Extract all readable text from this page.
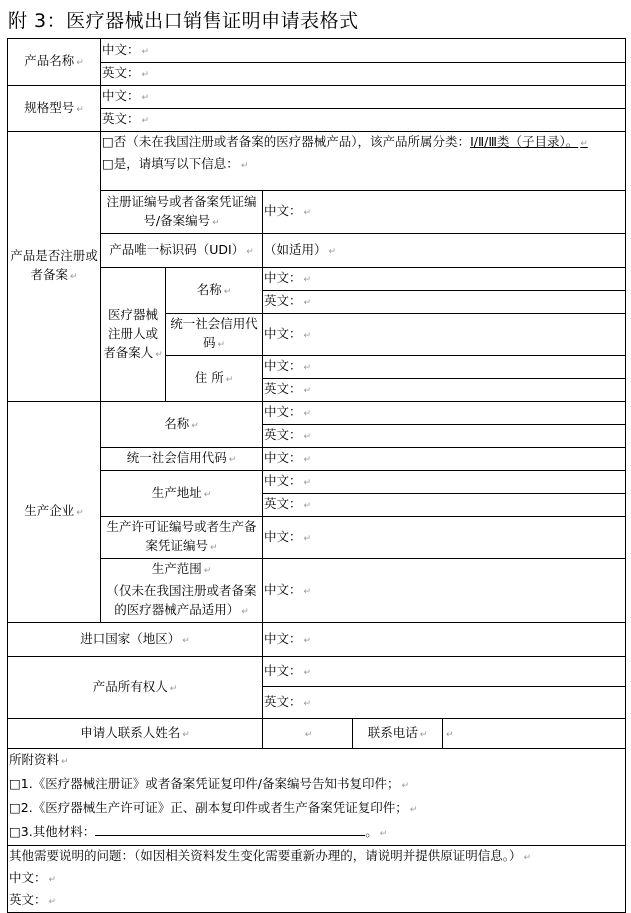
附 3：医疗器械出口销售证明申请表格式
产品名称 ↵	中文： ↵
	英文： ↵
规格型号 ↵	中文： ↵
	英文： ↵
产品是否注册或者备案 ↵	□否（未在我国注册或者备案的医疗器械产品），该产品所属分类：Ⅰ/Ⅱ/Ⅲ类（子目录）。 ↵
□是，请填写以下信息： ↵
	注册证编号或者备案凭证编号/备案编号 ↵		中文： ↵
	产品唯一标识码（UDI） ↵		（如适用） ↵
	医疗器械注册人或者备案人 ↵	名称 ↵	中文： ↵
			英文： ↵
		统一社会信用代码 ↵	中文： ↵
		住 所 ↵	中文： ↵
			英文： ↵
生产企业 ↵	名称 ↵		中文： ↵
			英文： ↵
	统一社会信用代码 ↵		中文： ↵
	生产地址 ↵		中文： ↵
			英文： ↵
	生产许可证编号或者生产备案凭证编号 ↵		中文： ↵
	生产范围 ↵
（仅未在我国注册或者备案的医疗器械产品适用） ↵		中文： ↵
进口国家（地区） ↵			中文： ↵
产品所有权人 ↵			中文： ↵
			英文： ↵
申请人联系人姓名 ↵	↵			联系电话 ↵	↵

所附资料 ↵
□1.《医疗器械注册证》或者备案凭证复印件/备案编号告知书复印件； ↵
□2.《医疗器械生产许可证》正、副本复印件或者生产备案凭证复印件； ↵
□3.其他材料： 。 ↵

其他需要说明的问题：（如因相关资料发生变化需要重新办理的，请说明并提供原证明信息。） ↵
中文： ↵
英文： ↵
